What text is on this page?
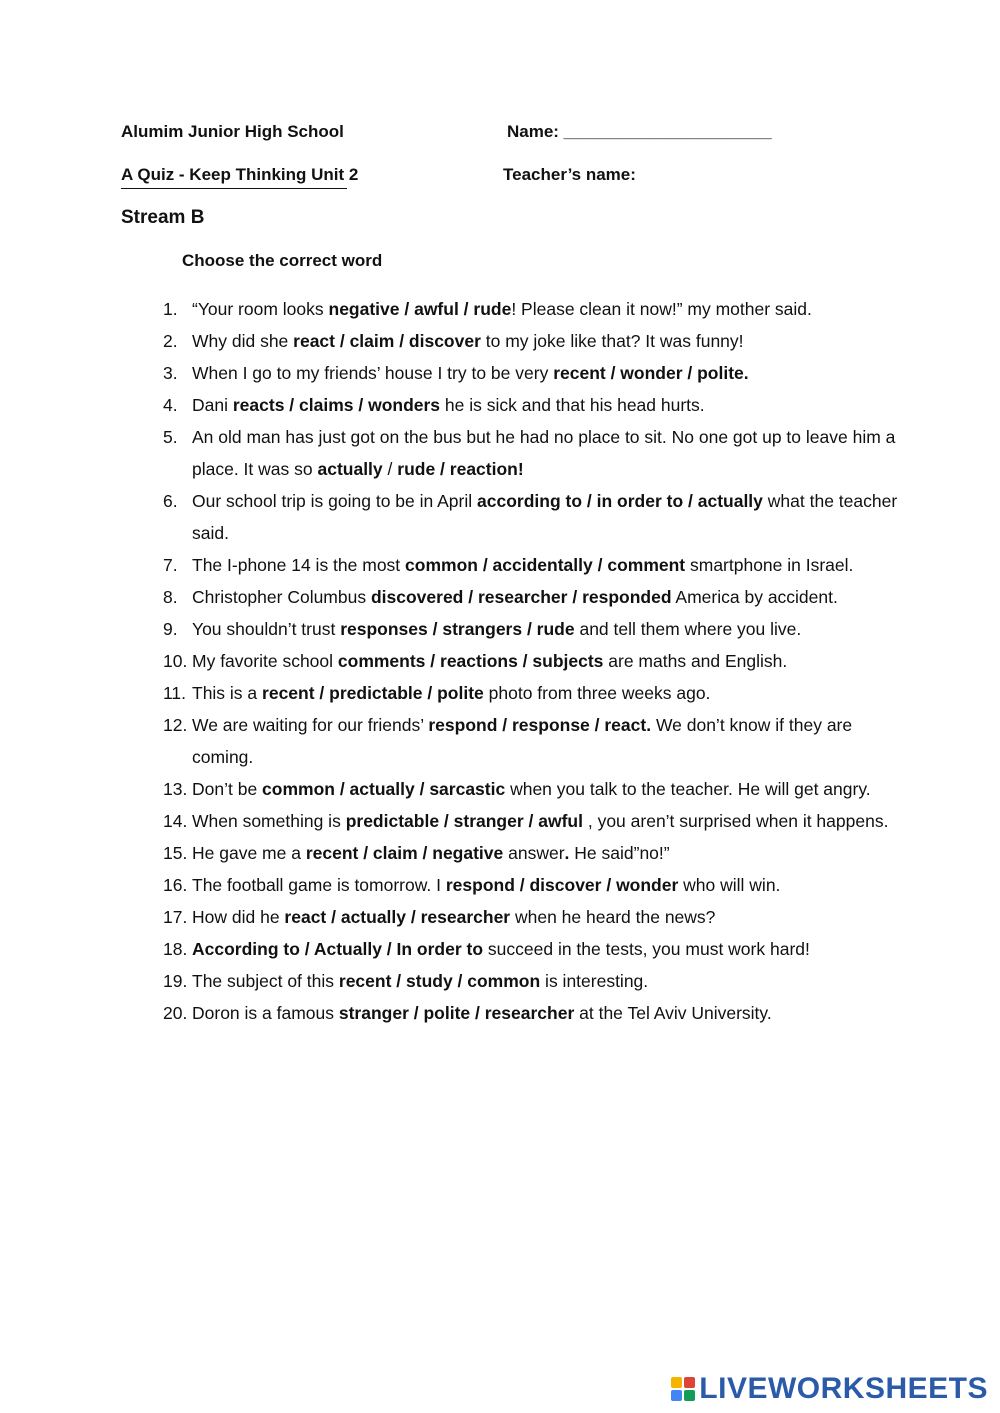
Alumim Junior High School	Name: ______________________
A Quiz - Keep Thinking Unit 2	Teacher’s name:
Stream B
Choose the correct word
1. “Your room looks negative / awful / rude! Please clean it now!” my mother said.
2. Why did she react / claim / discover to my joke like that? It was funny!
3. When I go to my friends’ house I try to be very recent / wonder / polite.
4. Dani reacts / claims / wonders he is sick and that his head hurts.
5. An old man has just got on the bus but he had no place to sit. No one got up to leave him a place. It was so actually / rude / reaction!
6. Our school trip is going to be in April according to / in order to / actually what the teacher said.
7. The I-phone 14 is the most common / accidentally / comment smartphone in Israel.
8. Christopher Columbus discovered / researcher / responded America by accident.
9. You shouldn’t trust responses / strangers / rude and tell them where you live.
10. My favorite school comments / reactions / subjects are maths and English.
11. This is a recent / predictable / polite photo from three weeks ago.
12. We are waiting for our friends’ respond / response / react. We don’t know if they are coming.
13. Don’t be common / actually / sarcastic when you talk to the teacher. He will get angry.
14. When something is predictable / stranger / awful , you aren’t surprised when it happens.
15. He gave me a recent / claim / negative answer. He said”no!”
16. The football game is tomorrow. I respond / discover / wonder who will win.
17. How did he react / actually / researcher when he heard the news?
18. According to / Actually / In order to succeed in the tests, you must work hard!
19. The subject of this recent / study / common is interesting.
20. Doron is a famous stranger / polite / researcher at the Tel Aviv University.
LIVEWORKSHEETS
